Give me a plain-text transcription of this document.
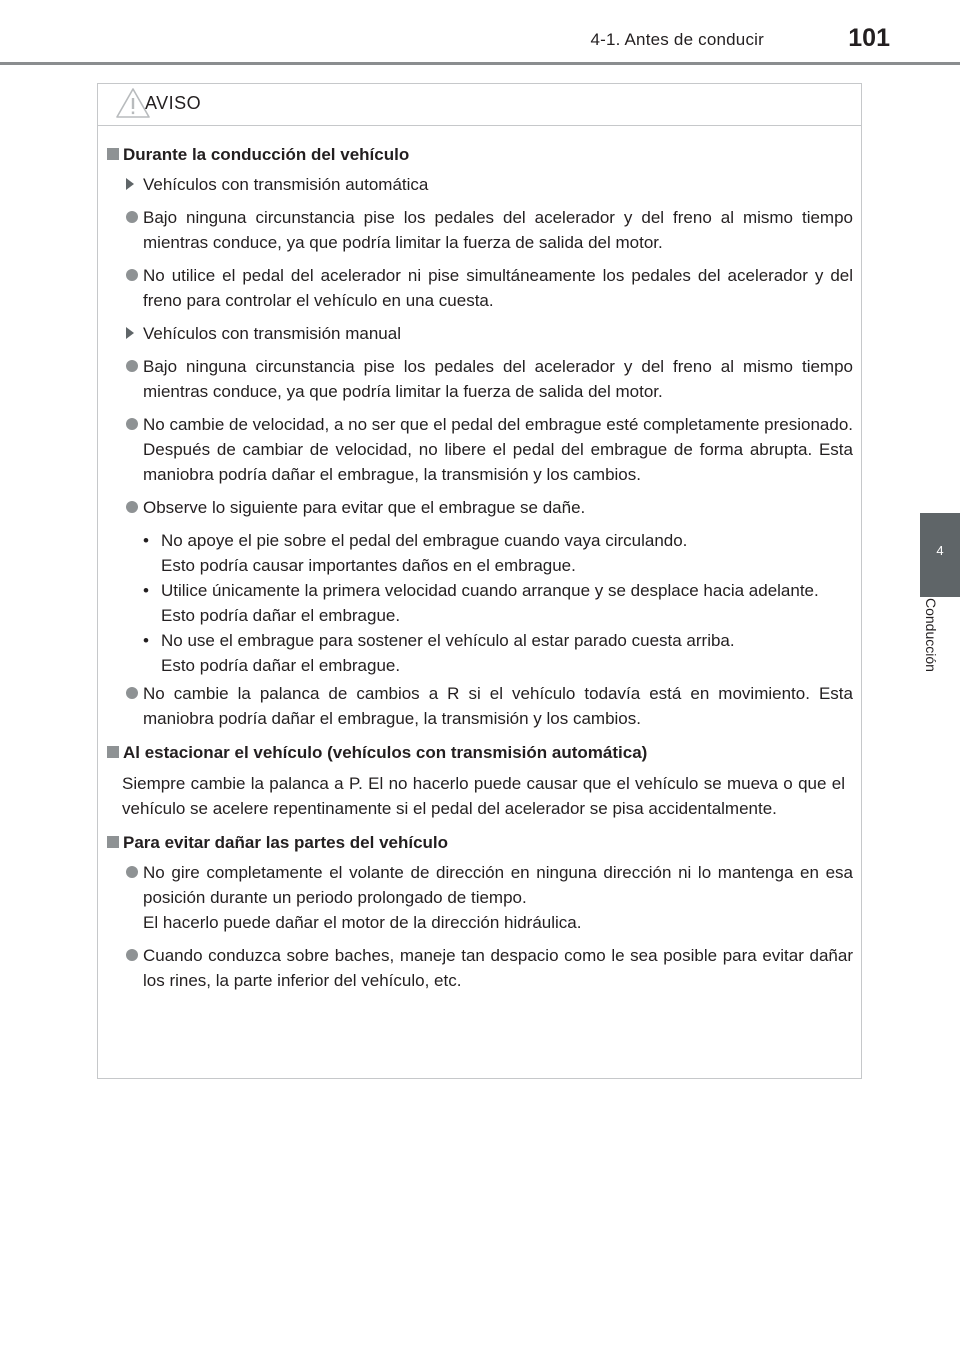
4-1. Antes de conducir	101
4
Conducción
AVISO
Durante la conducción del vehículo
Vehículos con transmisión automática
Bajo ninguna circunstancia pise los pedales del acelerador y del freno al mismo tiempo mientras conduce, ya que podría limitar la fuerza de salida del motor.
No utilice el pedal del acelerador ni pise simultáneamente los pedales del acelerador y del freno para controlar el vehículo en una cuesta.
Vehículos con transmisión manual
Bajo ninguna circunstancia pise los pedales del acelerador y del freno al mismo tiempo mientras conduce, ya que podría limitar la fuerza de salida del motor.
No cambie de velocidad, a no ser que el pedal del embrague esté completamente presionado. Después de cambiar de velocidad, no libere el pedal del embrague de forma abrupta. Esta maniobra podría dañar el embrague, la transmisión y los cambios.
Observe lo siguiente para evitar que el embrague se dañe.
• No apoye el pie sobre el pedal del embrague cuando vaya circulando.
Esto podría causar importantes daños en el embrague.
• Utilice únicamente la primera velocidad cuando arranque y se desplace hacia adelante.
Esto podría dañar el embrague.
• No use el embrague para sostener el vehículo al estar parado cuesta arriba.
Esto podría dañar el embrague.
No cambie la palanca de cambios a R si el vehículo todavía está en movimiento. Esta maniobra podría dañar el embrague, la transmisión y los cambios.
Al estacionar el vehículo (vehículos con transmisión automática)
Siempre cambie la palanca a P. El no hacerlo puede causar que el vehículo se mueva o que el vehículo se acelere repentinamente si el pedal del acelerador se pisa accidentalmente.
Para evitar dañar las partes del vehículo
No gire completamente el volante de dirección en ninguna dirección ni lo mantenga en esa posición durante un periodo prolongado de tiempo.
El hacerlo puede dañar el motor de la dirección hidráulica.
Cuando conduzca sobre baches, maneje tan despacio como le sea posible para evitar dañar los rines, la parte inferior del vehículo, etc.
